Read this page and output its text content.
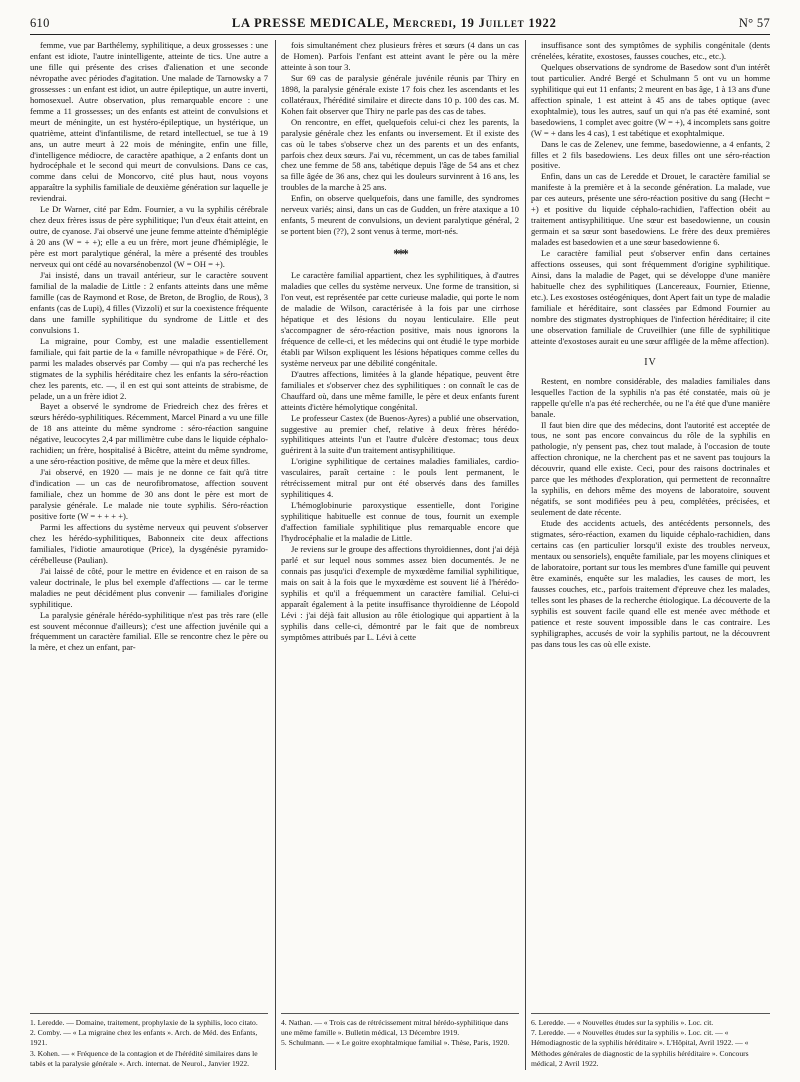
610	LA PRESSE MEDICALE, Mercredi, 19 Juillet 1922	N° 57

femme, vue par Barthélemy, syphilitique, a deux grossesses : une enfant est idiote, l'autre inintelligente, atteinte de tics. Une autre a une fille qui présente des crises d'alienation et une seconde névropathe avec périodes d'agitation. Une malade de Tarnowsky a 7 grossesses : un enfant est idiot, un autre épileptique, un autre inverti, homosexuel. Autre observation, plus remarquable encore : une femme a 11 grossesses; un des enfants est atteint de convulsions et meurt de méningite, un est hystéro-épileptique, un hystérique, un quatrième, atteint d'infantilisme, de retard intellectuel, se tue à 19 ans, un autre meurt à 22 mois de méningite, enfin une fille, d'intelligence médiocre, de caractère apathique, a 2 enfants dont un hydrocéphale et le second qui meurt de convulsions. Dans ce cas, comme dans celui de Moncorvo, cité plus haut, nous voyons apparaître la syphilis familiale de deuxième génération sur laquelle je reviendrai.

Le Dr Warner, cité par Edm. Fournier, a vu la syphilis cérébrale chez deux frères issus de père syphilitique; l'un d'eux était atteint, en outre, de cyanose. J'ai observé une jeune femme atteinte d'hémiplégie à 20 ans (W = + +); elle a eu un frère, mort jeune d'hémiplégie, le père est mort paralytique général, la mère a présenté des troubles nerveux qui ont cédé au novarsénobenzol (W = OH = +).

J'ai insisté, dans un travail antérieur, sur le caractère souvent familial de la maladie de Little : 2 enfants atteints dans une même famille (cas de Raymond et Rose, de Breton, de Broglio, de Rous), 3 enfants (cas de Lupi), 4 filles (Vizzoli) et sur la coexistence fréquente dans une famille syphilitique du syndrome de Little et des convulsions 1.

La migraine, pour Comby, est une maladie essentiellement familiale, qui fait partie de la « famille névropathique » de Féré. Or, parmi les malades observés par Comby — qui n'a pas recherché les stigmates de la syphilis héréditaire chez les enfants la séro-réaction chez les parents, etc. —, il en est qui sont atteints de strabisme, de pelade, un a un frère idiot 2.

Bayet a observé le syndrome de Friedreich chez des frères et sœurs hérédo-syphilitiques. Récemment, Marcel Pinard a vu une fille de 18 ans atteinte du même syndrome : séro-réaction sanguine négative, leucocytes 2,4 par millimètre cube dans le liquide céphalo-rachidien; un frère, hospitalisé à Bicêtre, atteint du même syndrome, a une séro-réaction positive, de même que la mère et deux filles.

J'ai observé, en 1920 — mais je ne donne ce fait qu'à titre d'indication — un cas de neurofibromatose, affection souvent familiale, chez un homme de 30 ans dont le père est mort de paralysie générale. Le malade nie toute syphilis. Séro-réaction positive forte (W = + + + +).

Parmi les affections du système nerveux qui peuvent s'observer chez les hérédo-syphilitiques, Babonneix cite deux affections familiales, l'idiotie amaurotique (Price), la dysgénésie pyramido-cérébelleuse (Paulian).

J'ai laissé de côté, pour le mettre en évidence et en raison de sa valeur doctrinale, le plus bel exemple d'affections — car le terme maladies ne peut décidément plus convenir — familiales d'origine syphilitique.

La paralysie générale hérédo-syphilitique n'est pas très rare (elle est souvent méconnue d'ailleurs); c'est une affection juvénile qui a fréquemment un caractère familial. Elle se rencontre chez le père ou la mère, et chez un enfant, par-

fois simultanément chez plusieurs frères et sœurs (4 dans un cas de Homen). Parfois l'enfant est atteint avant le père ou la mère atteinte à son tour 3.

Sur 69 cas de paralysie générale juvénile réunis par Thiry en 1898, la paralysie générale existe 17 fois chez les ascendants et les collatéraux, l'hérédité similaire et directe dans 10 p. 100 des cas. M. Kohen fait observer que Thiry ne parle pas des cas de tabes.

On rencontre, en effet, quelquefois celui-ci chez les parents, la paralysie générale chez les enfants ou inversement. Et il existe des cas où le tabes s'observe chez un des parents et un des enfants, parfois chez deux sœurs. J'ai vu, récemment, un cas de tabes familial chez une femme de 58 ans, tabétique depuis l'âge de 54 ans et chez sa fille âgée de 36 ans, chez qui les douleurs survinrent à 16 ans, les troubles de la marche à 25 ans.

Enfin, on observe quelquefois, dans une famille, des syndromes nerveux variés; ainsi, dans un cas de Gudden, un frère ataxique a 10 enfants, 5 meurent de convulsions, un devient paralytique général, 2 se portent bien (??), 2 sont venus à terme, mort-nés.

***

Le caractère familial appartient, chez les syphilitiques, à d'autres maladies que celles du système nerveux. Une forme de transition, si l'on veut, est représentée par cette curieuse maladie, qui porte le nom de maladie de Wilson, caractérisée à la fois par une cirrhose hépatique et des lésions du noyau lenticulaire. Elle peut s'accompagner de séro-réaction positive, mais nous ignorons la fréquence de celle-ci, et les médecins qui ont étudié le type morbide établi par Wilson expliquent les lésions hépatiques comme celles du système nerveux par une débilité congénitale.

D'autres affections, limitées à la glande hépatique, peuvent être familiales et s'observer chez des syphilitiques : on connaît le cas de Chauffard où, dans une même famille, le père et deux enfants furent atteints d'ictère hémolytique congénital.

Le professeur Castex (de Buenos-Ayres) a publié une observation, suggestive au premier chef, relative à deux frères hérédo-syphilitiques atteints l'un et l'autre d'ulcère d'estomac; tous deux guérirent à la suite d'un traitement antisyphilitique.

L'origine syphilitique de certaines maladies familiales, cardio-vasculaires, paraît certaine : le pouls lent permanent, le rétrécissement mitral pur ont été observés dans des familles syphilitiques 4.

L'hémoglobinurie paroxystique essentielle, dont l'origine syphilitique habituelle est connue de tous, fournit un exemple d'affection familiale syphilitique plus remarquable encore que l'hydrocéphalie et la maladie de Little.

Je reviens sur le groupe des affections thyroïdiennes, dont j'ai déjà parlé et sur lequel nous sommes assez bien documentés. Je ne connais pas jusqu'ici d'exemple de myxœdème familial syphilitique, mais on sait à la fois que le myxœdème est souvent lié à l'hérédo-syphilis et qu'il a fréquemment un caractère familial. Celui-ci apparaît également à la petite insuffisance thyroïdienne de Léopold Lévi : j'ai déjà fait allusion au rôle étiologique qui appartient à la syphilis dans celle-ci, démontré par le fait que de nombreux symptômes attribués par L. Lévi à cette

insuffisance sont des symptômes de syphilis congénitale (dents crénelées, kératite, exostoses, fausses couches, etc., etc.).

Quelques observations de syndrome de Basedow sont d'un intérêt tout particulier. André Bergé et Schulmann 5 ont vu un homme syphilitique qui eut 11 enfants; 2 meurent en bas âge, 1 à 13 ans d'une affection spinale, 1 est atteint à 45 ans de tabes optique (avec exophtalmie), tous les autres, sauf un qui n'a pas été examiné, sont basedowiens, 1 complet avec goitre (W = +), 4 incomplets sans goitre (W = + dans les 4 cas), 1 est tabétique et exophtalmique.

Dans le cas de Zelenev, une femme, basedowienne, a 4 enfants, 2 filles et 2 fils basedowiens. Les deux filles ont une séro-réaction positive.

Enfin, dans un cas de Leredde et Drouet, le caractère familial se manifeste à la première et à la seconde génération. La malade, vue par ces auteurs, présente une séro-réaction positive du sang (Hecht = +) et positive du liquide céphalo-rachidien, l'affection obéit au traitement antisyphilitique. Une sœur est basedowienne, un cousin germain et sa sœur sont basedowiens. Le frère des deux premières malades est basedowien et a une sœur basedowienne 6.

Le caractère familial peut s'observer enfin dans certaines affections osseuses, qui sont fréquemment d'origine syphilitique. Ainsi, dans la maladie de Paget, qui se développe d'une manière habituelle chez des syphilitiques (Lancereaux, Fournier, Etienne, etc.). Les exostoses ostéogéniques, dont Apert fait un type de maladie familiale et héréditaire, sont classées par Edmond Fournier au nombre des stigmates dystrophiques de l'infection héréditaire; il cite une observation familiale de Cruveilhier (une fille de syphilitique atteinte d'exostoses aurait eu une sœur affligée de la même affection).

IV

Restent, en nombre considérable, des maladies familiales dans lesquelles l'action de la syphilis n'a pas été constatée, mais où je rappelle qu'elle n'a pas été recherchée, ou ne l'a été que d'une manière banale.

Il faut bien dire que des médecins, dont l'autorité est acceptée de tous, ne sont pas encore convaincus du rôle de la syphilis en pathologie, n'y pensent pas, chez tout malade, à l'occasion de toute affection chronique, ne la cherchent pas et ne savent pas toujours la découvrir, quand elle existe. Ceci, pour des raisons doctrinales et parce que les méthodes d'exploration, qui permettent de reconnaître la syphilis, en dehors même des moyens de laboratoire, souvent négatifs, se sont modifiées peu à peu, complétées, précisées, et seulement de date récente.

Etude des accidents actuels, des antécédents personnels, des stigmates, séro-réaction, examen du liquide céphalo-rachidien, dans certains cas (en particulier lorsqu'il existe des troubles nerveux, mentaux ou sensoriels), enquête familiale, par les moyens cliniques et de laboratoire, portant sur tous les membres d'une famille qui peuvent être examinés, enquête sur les maladies, les causes de mort, les fausses couches, etc., parfois traitement d'épreuve chez les malades, telles sont les phases de la recherche étiologique. La découverte de la syphilis est souvent facile quand elle est menée avec méthode et patience et reste souvent impossible dans le cas contraire. Les syphiligraphes, accusés de voir la syphilis partout, ne la découvrent pas dans tous les cas où elle existe.

1. Leredde. — Domaine, traitement, prophylaxie de la syphilis, loco citato.
2. Comby. — « La migraine chez les enfants ». Arch. de Méd. des Enfants, 1921.
3. Kohen. — « Fréquence de la contagion et de l'hérédité similaires dans le tabès et la paralysie générale ». Arch. internat. de Neurol., Janvier 1922.
4. Nathan. — « Trois cas de rétrécissement mitral hérédo-syphilitique dans une même famille ». Bulletin médical, 13 Décembre 1919.
5. Schulmann. — « Le goitre exophtalmique familial ». Thèse, Paris, 1920.
6. Leredde. — « Nouvelles études sur la syphilis ». Loc. cit.
7. Leredde. — « Nouvelles études sur la syphilis ». Loc. cit. — « Hémodiagnostic de la syphilis héréditaire ». L'Hôpital, Avril 1922. — « Méthodes générales de diagnostic de la syphilis héréditaire ». Concours médical, 2 Avril 1922.
